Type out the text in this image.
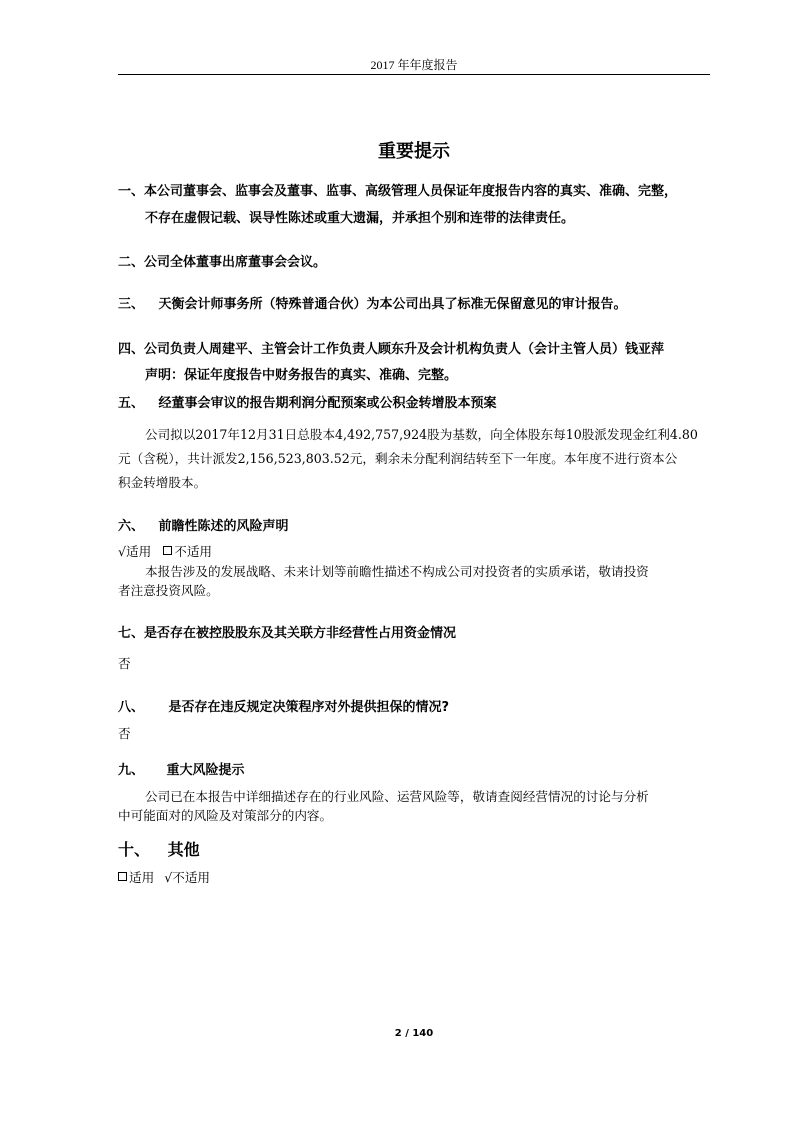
2017 年年度报告
重要提示
一、本公司董事会、监事会及董事、监事、高级管理人员保证年度报告内容的真实、准确、完整，
不存在虚假记载、误导性陈述或重大遗漏，并承担个别和连带的法律责任。
二、公司全体董事出席董事会会议。
三、 天衡会计师事务所（特殊普通合伙）为本公司出具了标准无保留意见的审计报告。
四、公司负责人周建平、主管会计工作负责人顾东升及会计机构负责人（会计主管人员）钱亚萍
声明：保证年度报告中财务报告的真实、准确、完整。
五、 经董事会审议的报告期利润分配预案或公积金转增股本预案
公司拟以2017年12月31日总股本4,492,757,924股为基数，向全体股东每10股派发现金红利4.80
元（含税），共计派发2,156,523,803.52元，剩余未分配利润结转至下一年度。本年度不进行资本公
积金转增股本。
六、 前瞻性陈述的风险声明
√适用 不适用
本报告涉及的发展战略、未来计划等前瞻性描述不构成公司对投资者的实质承诺，敬请投资
者注意投资风险。
七、是否存在被控股股东及其关联方非经营性占用资金情况
否
八、 是否存在违反规定决策程序对外提供担保的情况?
否
九、 重大风险提示
公司已在本报告中详细描述存在的行业风险、运营风险等，敬请查阅经营情况的讨论与分析
中可能面对的风险及对策部分的内容。
十、 其他
适用 √不适用
2 / 140
